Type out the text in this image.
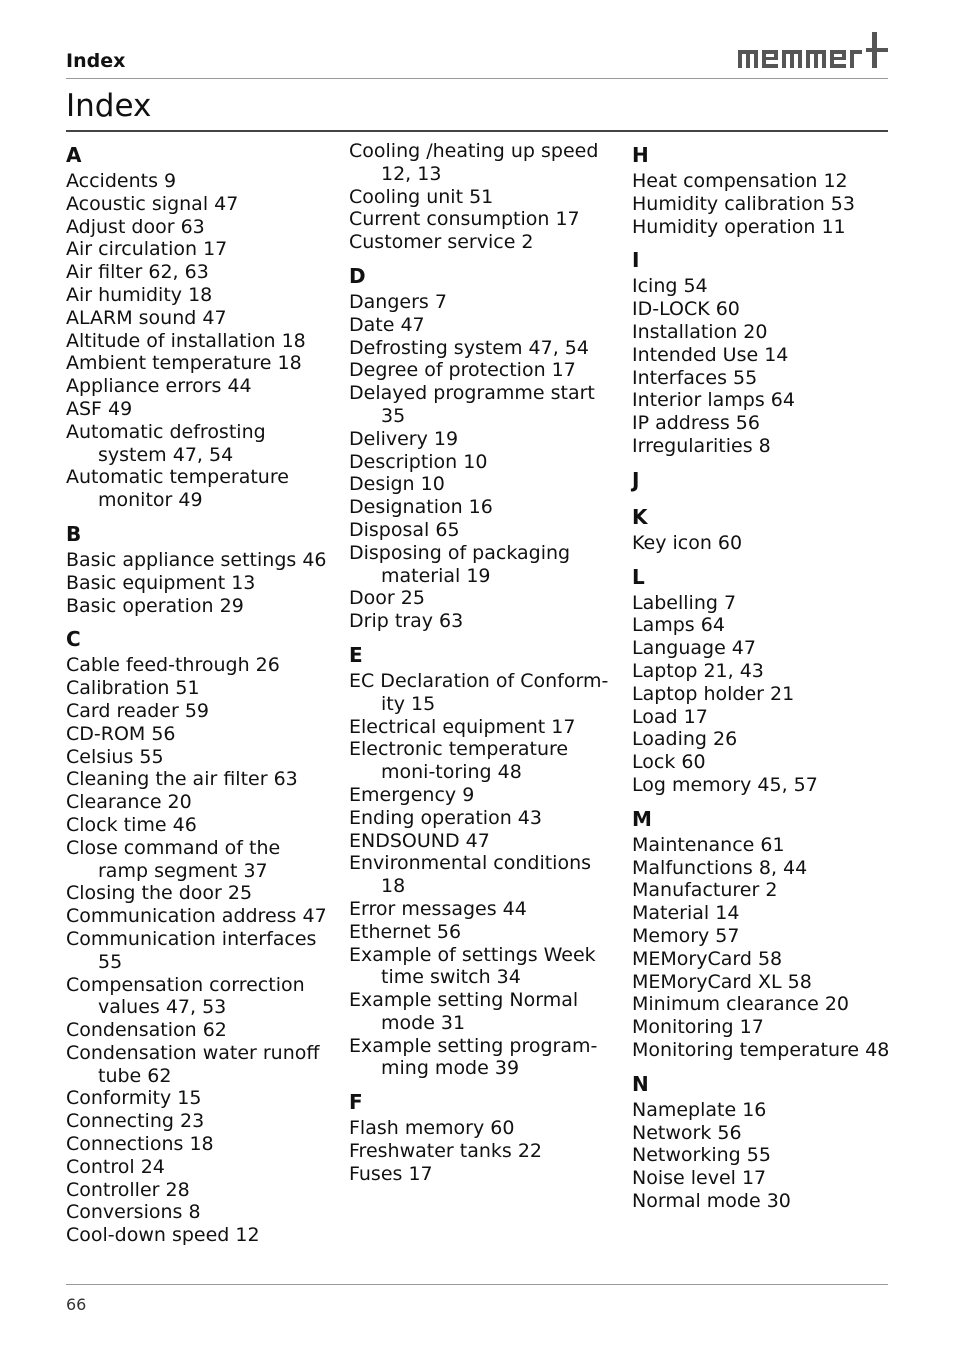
Index
Index
A
Accidents 9
Acoustic signal 47
Adjust door 63
Air circulation 17
Air filter 62, 63
Air humidity 18
ALARM sound 47
Altitude of installation 18
Ambient temperature 18
Appliance errors 44
ASF 49
Automatic defrosting system 47, 54
Automatic temperature monitor 49
B
Basic appliance settings 46
Basic equipment 13
Basic operation 29
C
Cable feed-through 26
Calibration 51
Card reader 59
CD-ROM 56
Celsius 55
Cleaning the air filter 63
Clearance 20
Clock time 46
Close command of the ramp segment 37
Closing the door 25
Communication address 47
Communication interfaces 55
Compensation correction values 47, 53
Condensation 62
Condensation water runoff tube 62
Conformity 15
Connecting 23
Connections 18
Control 24
Controller 28
Conversions 8
Cool-down speed 12
Cooling /heating up speed 12, 13
Cooling unit 51
Current consumption 17
Customer service 2
D
Dangers 7
Date 47
Defrosting system 47, 54
Degree of protection 17
Delayed programme start 35
Delivery 19
Description 10
Design 10
Designation 16
Disposal 65
Disposing of packaging material 19
Door 25
Drip tray 63
E
EC Declaration of Conform-ity 15
Electrical equipment 17
Electronic temperature moni-toring 48
Emergency 9
Ending operation 43
ENDSOUND 47
Environmental conditions 18
Error messages 44
Ethernet 56
Example of settings Week time switch 34
Example setting Normal mode 31
Example setting program-ming mode 39
F
Flash memory 60
Freshwater tanks 22
Fuses 17
H
Heat compensation 12
Humidity calibration 53
Humidity operation 11
I
Icing 54
ID-LOCK 60
Installation 20
Intended Use 14
Interfaces 55
Interior lamps 64
IP address 56
Irregularities 8
J
K
Key icon 60
L
Labelling 7
Lamps 64
Language 47
Laptop 21, 43
Laptop holder 21
Load 17
Loading 26
Lock 60
Log memory 45, 57
M
Maintenance 61
Malfunctions 8, 44
Manufacturer 2
Material 14
Memory 57
MEMoryCard 58
MEMoryCard XL 58
Minimum clearance 20
Monitoring 17
Monitoring temperature 48
N
Nameplate 16
Network 56
Networking 55
Noise level 17
Normal mode 30
66
